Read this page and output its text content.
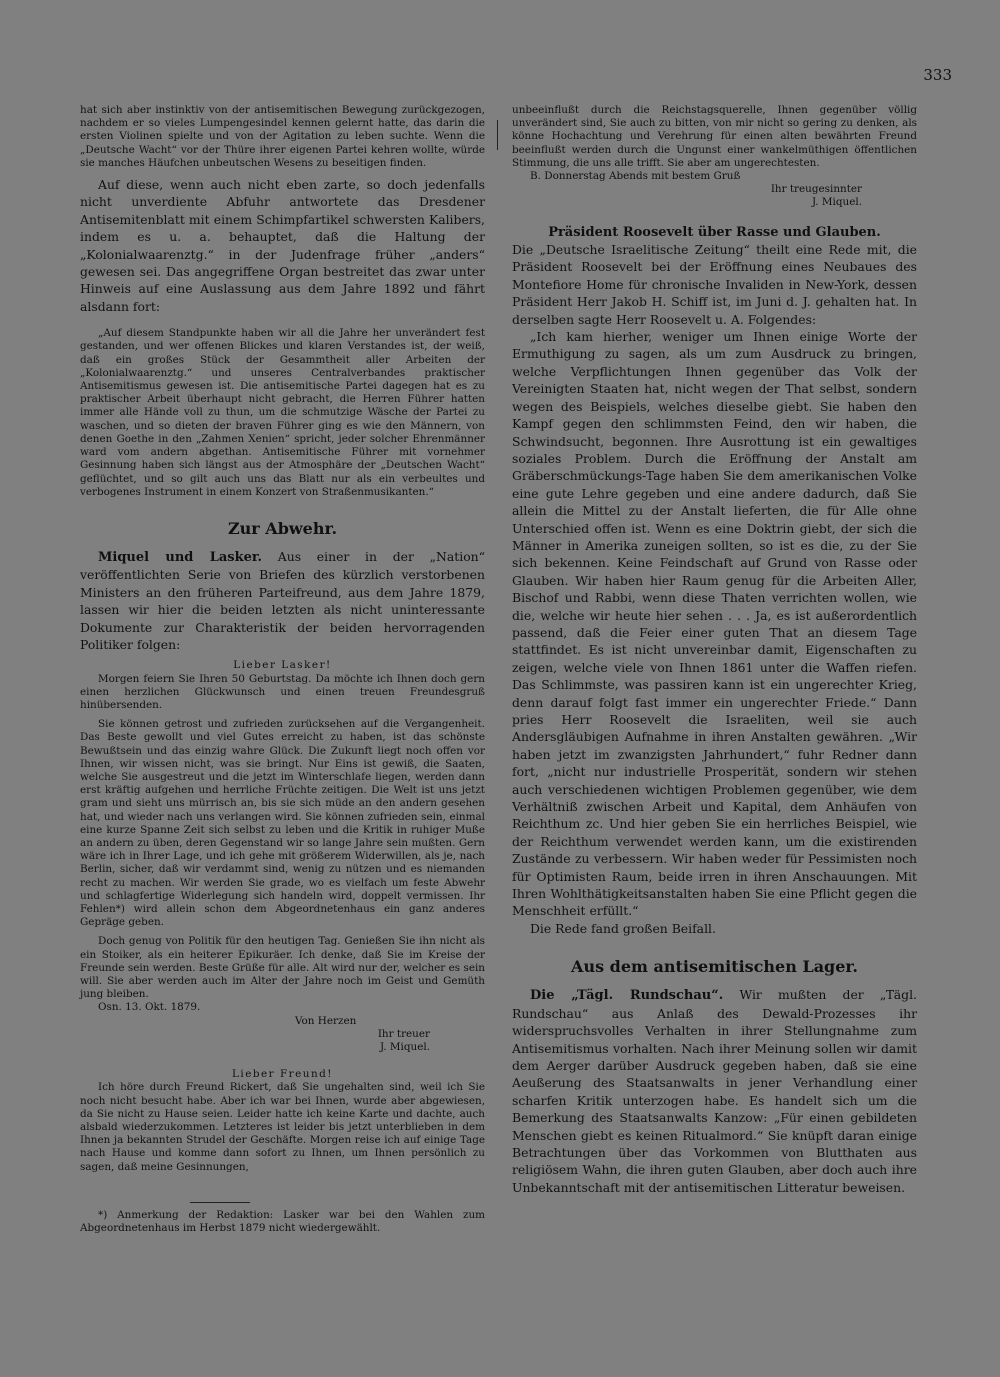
333

hat sich aber instinktiv von der antisemitischen Bewegung zurückgezogen, nachdem er so vieles Lumpengesindel kennen gelernt hatte, das darin die ersten Violinen spielte und von der Agitation zu leben suchte. Wenn die „Deutsche Wacht“ vor der Thüre ihrer eigenen Partei kehren wollte, würde sie manches Häufchen unbeutschen Wesens zu beseitigen finden.

Auf diese, wenn auch nicht eben zarte, so doch jedenfalls nicht unverdiente Abfuhr antwortete das Dresdener Antisemitenblatt mit einem Schimpfartikel schwersten Kalibers, indem es u. a. behauptet, daß die Haltung der „Kolonialwaarenztg.“ in der Judenfrage früher „anders“ gewesen sei. Das angegriffene Organ bestreitet das zwar unter Hinweis auf eine Auslassung aus dem Jahre 1892 und fährt alsdann fort:

„Auf diesem Standpunkte haben wir all die Jahre her unverändert fest gestanden, und wer offenen Blickes und klaren Verstandes ist, der weiß, daß ein großes Stück der Gesammtheit aller Arbeiten der „Kolonialwaarenztg.“ und unseres Centralverbandes praktischer Antisemitismus gewesen ist. Die antisemitische Partei dagegen hat es zu praktischer Arbeit überhaupt nicht gebracht, die Herren Führer hatten immer alle Hände voll zu thun, um die schmutzige Wäsche der Partei zu waschen, und so dieten der braven Führer ging es wie den Männern, von denen Goethe in den „Zahmen Xenien“ spricht, jeder solcher Ehrenmänner ward vom andern abgethan. Antisemitische Führer mit vornehmer Gesinnung haben sich längst aus der Atmosphäre der „Deutschen Wacht“ geflüchtet, und so gilt auch uns das Blatt nur als ein verbeultes und verbogenes Instrument in einem Konzert von Straßenmusikanten.“

Zur Abwehr.

Miquel und Lasker. Aus einer in der „Nation“ veröffentlichten Serie von Briefen des kürzlich verstorbenen Ministers an den früheren Parteifreund, aus dem Jahre 1879, lassen wir hier die beiden letzten als nicht uninteressante Dokumente zur Charakteristik der beiden hervorragenden Politiker folgen:

Lieber Lasker!

Morgen feiern Sie Ihren 50 Geburtstag. Da möchte ich Ihnen doch gern einen herzlichen Glückwunsch und einen treuen Freundesgruß hinübersenden.

Sie können getrost und zufrieden zurücksehen auf die Vergangenheit. Das Beste gewollt und viel Gutes erreicht zu haben, ist das schönste Bewußtsein und das einzig wahre Glück. Die Zukunft liegt noch offen vor Ihnen, wir wissen nicht, was sie bringt. Nur Eins ist gewiß, die Saaten, welche Sie ausgestreut und die jetzt im Winterschlafe liegen, werden dann erst kräftig aufgehen und herrliche Früchte zeitigen. Die Welt ist uns jetzt gram und sieht uns mürrisch an, bis sie sich müde an den andern gesehen hat, und wieder nach uns verlangen wird. Sie können zufrieden sein, einmal eine kurze Spanne Zeit sich selbst zu leben und die Kritik in ruhiger Muße an andern zu üben, deren Gegenstand wir so lange Jahre sein mußten. Gern wäre ich in Ihrer Lage, und ich gehe mit größerem Widerwillen, als je, nach Berlin, sicher, daß wir verdammt sind, wenig zu nützen und es niemanden recht zu machen. Wir werden Sie grade, wo es vielfach um feste Abwehr und schlagfertige Widerlegung sich handeln wird, doppelt vermissen. Ihr Fehlen*) wird allein schon dem Abgeordnetenhaus ein ganz anderes Gepräge geben.

Doch genug von Politik für den heutigen Tag. Genießen Sie ihn nicht als ein Stoiker, als ein heiterer Epikuräer. Ich denke, daß Sie im Kreise der Freunde sein werden. Beste Grüße für alle. Alt wird nur der, welcher es sein will. Sie aber werden auch im Alter der Jahre noch im Geist und Gemüth jung bleiben.

Osn. 13. Okt. 1879.

Von Herzen

Ihr treuer

J. Miquel.

Lieber Freund!

Ich höre durch Freund Rickert, daß Sie ungehalten sind, weil ich Sie noch nicht besucht habe. Aber ich war bei Ihnen, wurde aber abgewiesen, da Sie nicht zu Hause seien. Leider hatte ich keine Karte und dachte, auch alsbald wiederzukommen. Letzteres ist leider bis jetzt unterblieben in dem Ihnen ja bekannten Strudel der Geschäfte. Morgen reise ich auf einige Tage nach Hause und komme dann sofort zu Ihnen, um Ihnen persönlich zu sagen, daß meine Gesinnungen,

*) Anmerkung der Redaktion: Lasker war bei den Wahlen zum Abgeordnetenhaus im Herbst 1879 nicht wiedergewählt.

unbeeinflußt durch die Reichstagsquerelle, Ihnen gegenüber völlig unverändert sind, Sie auch zu bitten, von mir nicht so gering zu denken, als könne Hochachtung und Verehrung für einen alten bewährten Freund beeinflußt werden durch die Ungunst einer wankelmüthigen öffentlichen Stimmung, die uns alle trifft. Sie aber am ungerechtesten.

B. Donnerstag Abends mit bestem Gruß

Ihr treugesinnter

J. Miquel.

Präsident Roosevelt über Rasse und Glauben.

Die „Deutsche Israelitische Zeitung“ theilt eine Rede mit, die Präsident Roosevelt bei der Eröffnung eines Neubaues des Montefiore Home für chronische Invaliden in New-York, dessen Präsident Herr Jakob H. Schiff ist, im Juni d. J. gehalten hat. In derselben sagte Herr Roosevelt u. A. Folgendes:

„Ich kam hierher, weniger um Ihnen einige Worte der Ermuthigung zu sagen, als um zum Ausdruck zu bringen, welche Verpflichtungen Ihnen gegenüber das Volk der Vereinigten Staaten hat, nicht wegen der That selbst, sondern wegen des Beispiels, welches dieselbe giebt. Sie haben den Kampf gegen den schlimmsten Feind, den wir haben, die Schwindsucht, begonnen. Ihre Ausrottung ist ein gewaltiges soziales Problem. Durch die Eröffnung der Anstalt am Gräberschmückungs-Tage haben Sie dem amerikanischen Volke eine gute Lehre gegeben und eine andere dadurch, daß Sie allein die Mittel zu der Anstalt lieferten, die für Alle ohne Unterschied offen ist. Wenn es eine Doktrin giebt, der sich die Männer in Amerika zuneigen sollten, so ist es die, zu der Sie sich bekennen. Keine Feindschaft auf Grund von Rasse oder Glauben. Wir haben hier Raum genug für die Arbeiten Aller, Bischof und Rabbi, wenn diese Thaten verrichten wollen, wie die, welche wir heute hier sehen . . . Ja, es ist außerordentlich passend, daß die Feier einer guten That an diesem Tage stattfindet. Es ist nicht unvereinbar damit, Eigenschaften zu zeigen, welche viele von Ihnen 1861 unter die Waffen riefen. Das Schlimmste, was passiren kann ist ein ungerechter Krieg, denn darauf folgt fast immer ein ungerechter Friede.“ Dann pries Herr Roosevelt die Israeliten, weil sie auch Andersgläubigen Aufnahme in ihren Anstalten gewähren. „Wir haben jetzt im zwanzigsten Jahrhundert,“ fuhr Redner dann fort, „nicht nur industrielle Prosperität, sondern wir stehen auch verschiedenen wichtigen Problemen gegenüber, wie dem Verhältniß zwischen Arbeit und Kapital, dem Anhäufen von Reichthum zc. Und hier geben Sie ein herrliches Beispiel, wie der Reichthum verwendet werden kann, um die existirenden Zustände zu verbessern. Wir haben weder für Pessimisten noch für Optimisten Raum, beide irren in ihren Anschauungen. Mit Ihren Wohlthätigkeitsanstalten haben Sie eine Pflicht gegen die Menschheit erfüllt.“

Die Rede fand großen Beifall.

Aus dem antisemitischen Lager.

Die „Tägl. Rundschau“. Wir mußten der „Tägl. Rundschau“ aus Anlaß des Dewald-Prozesses ihr widerspruchsvolles Verhalten in ihrer Stellungnahme zum Antisemitismus vorhalten. Nach ihrer Meinung sollen wir damit dem Aerger darüber Ausdruck gegeben haben, daß sie eine Aeußerung des Staatsanwalts in jener Verhandlung einer scharfen Kritik unterzogen habe. Es handelt sich um die Bemerkung des Staatsanwalts Kanzow: „Für einen gebildeten Menschen giebt es keinen Ritualmord.“ Sie knüpft daran einige Betrachtungen über das Vorkommen von Blutthaten aus religiösem Wahn, die ihren guten Glauben, aber doch auch ihre Unbekanntschaft mit der antisemitischen Litteratur beweisen.
